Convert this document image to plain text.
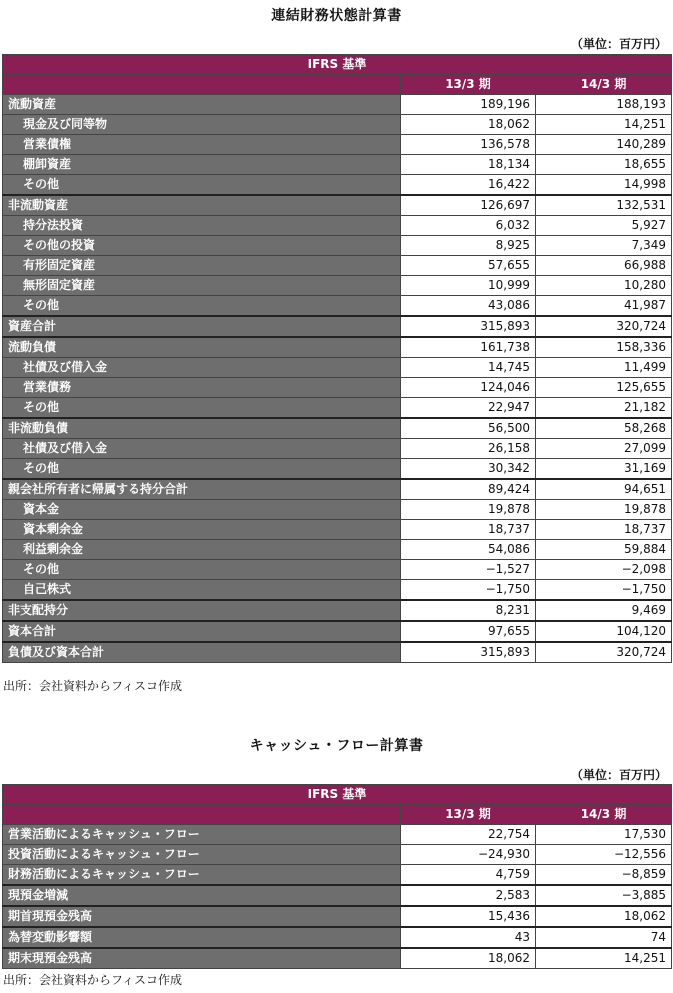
連結財務状態計算書
（単位：百万円）
IFRS 基準		
	13/3 期	14/3 期
流動資産	189,196	188,193
現金及び同等物	18,062	14,251
営業債権	136,578	140,289
棚卸資産	18,134	18,655
その他	16,422	14,998
非流動資産	126,697	132,531
持分法投資	6,032	5,927
その他の投資	8,925	7,349
有形固定資産	57,655	66,988
無形固定資産	10,999	10,280
その他	43,086	41,987
資産合計	315,893	320,724
流動負債	161,738	158,336
社債及び借入金	14,745	11,499
営業債務	124,046	125,655
その他	22,947	21,182
非流動負債	56,500	58,268
社債及び借入金	26,158	27,099
その他	30,342	31,169
親会社所有者に帰属する持分合計	89,424	94,651
資本金	19,878	19,878
資本剰余金	18,737	18,737
利益剰余金	54,086	59,884
その他	−1,527	−2,098
自己株式	−1,750	−1,750
非支配持分	8,231	9,469
資本合計	97,655	104,120
負債及び資本合計	315,893	320,724
出所：会社資料からフィスコ作成
キャッシュ・フロー計算書
（単位：百万円）
IFRS 基準		
	13/3 期	14/3 期
営業活動によるキャッシュ・フロー	22,754	17,530
投資活動によるキャッシュ・フロー	−24,930	−12,556
財務活動によるキャッシュ・フロー	4,759	−8,859
現預金増減	2,583	−3,885
期首現預金残高	15,436	18,062
為替変動影響額	43	74
期末現預金残高	18,062	14,251
出所：会社資料からフィスコ作成
